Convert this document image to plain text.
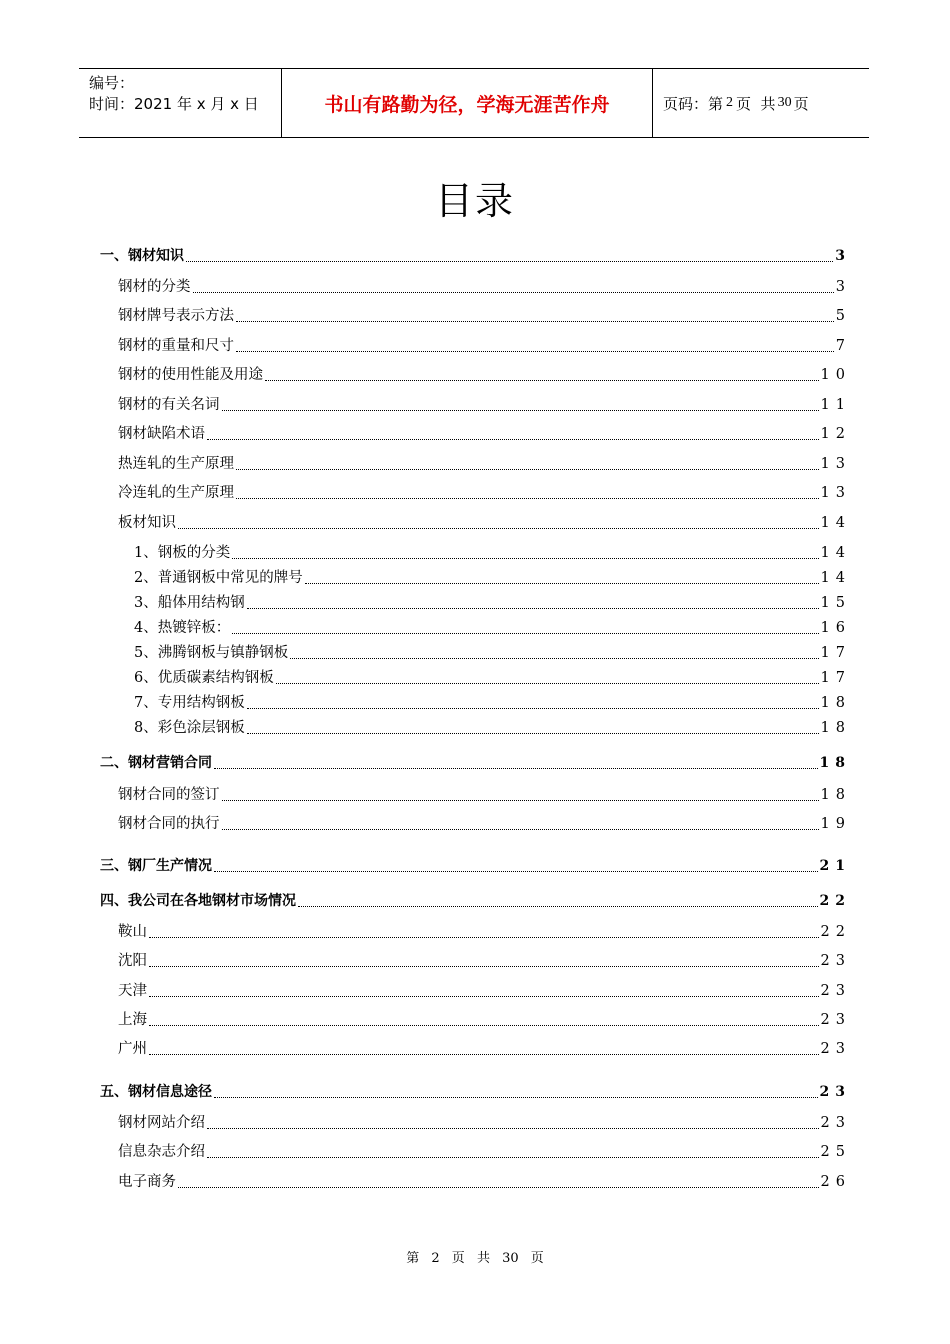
编号：
时间：2021 年 x 月 x 日	书山有路勤为径，学海无涯苦作舟	页码：第 2 页  共 30 页
目录
一、钢材知识	3
钢材的分类	3
钢材牌号表示方法	5
钢材的重量和尺寸	7
钢材的使用性能及用途	10
钢材的有关名词	11
钢材缺陷术语	12
热连轧的生产原理	13
冷连轧的生产原理	13
板材知识	14
1、钢板的分类	14
2、普通钢板中常见的牌号	14
3、船体用结构钢	15
4、热镀锌板：	16
5、沸腾钢板与镇静钢板	17
6、优质碳素结构钢板	17
7、专用结构钢板	18
8、彩色涂层钢板	18
二、钢材营销合同	18
钢材合同的签订	18
钢材合同的执行	19
三、钢厂生产情况	21
四、我公司在各地钢材市场情况	22
鞍山	22
沈阳	23
天津	23
上海	23
广州	23
五、钢材信息途径	23
钢材网站介绍	23
信息杂志介绍	25
电子商务	26
第 2 页 共 30 页
